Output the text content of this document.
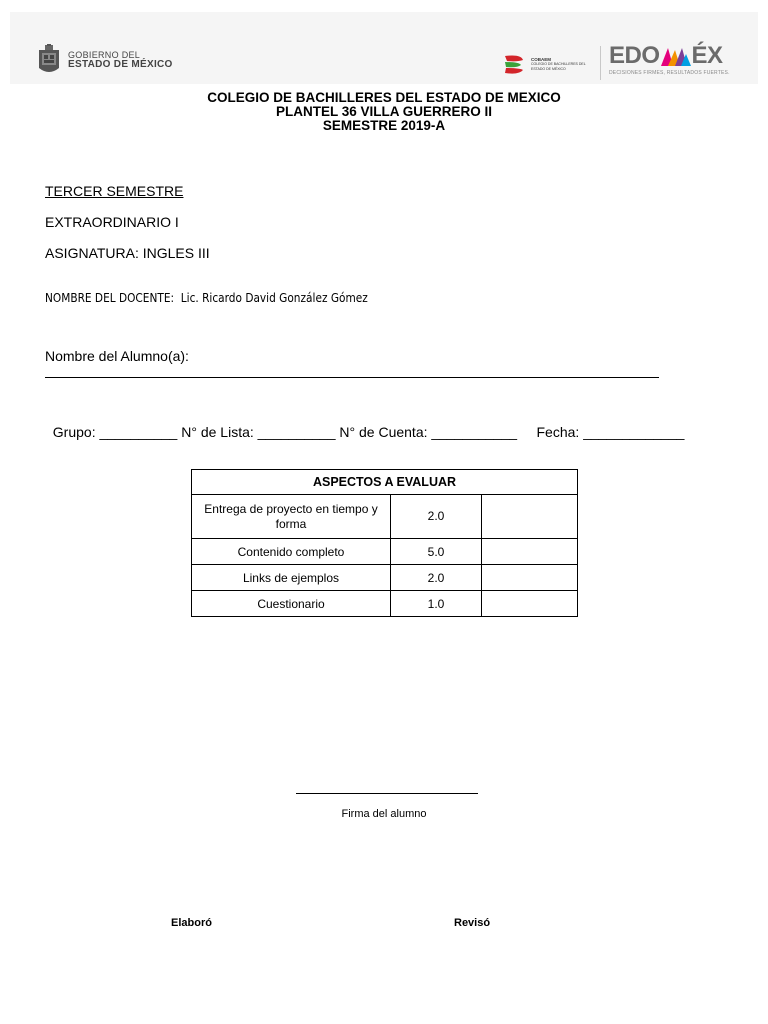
GOBIERNO DEL
ESTADO DE MÉXICO	COBAEM
COLEGIO DE BACHILLERES DEL
ESTADO DE MÉXICO	EDO ÉX
DECISIONES FIRMES, RESULTADOS FUERTES.
COLEGIO DE BACHILLERES DEL ESTADO DE MEXICO
PLANTEL 36 VILLA GUERRERO II
SEMESTRE 2019-A
TERCER SEMESTRE
EXTRAORDINARIO I
ASIGNATURA: INGLES III
NOMBRE DEL DOCENTE:  Lic. Ricardo David González Gómez
Nombre del Alumno(a):

Grupo: __________ N° de Lista: __________ N° de Cuenta: ___________ Fecha: _____________

ASPECTOS A EVALUAR		
Entrega de proyecto en tiempo y forma	2.0	
Contenido completo	5.0	
Links de ejemplos	2.0	
Cuestionario	1.0	
Firma del alumno
Elaboró	Revisó
